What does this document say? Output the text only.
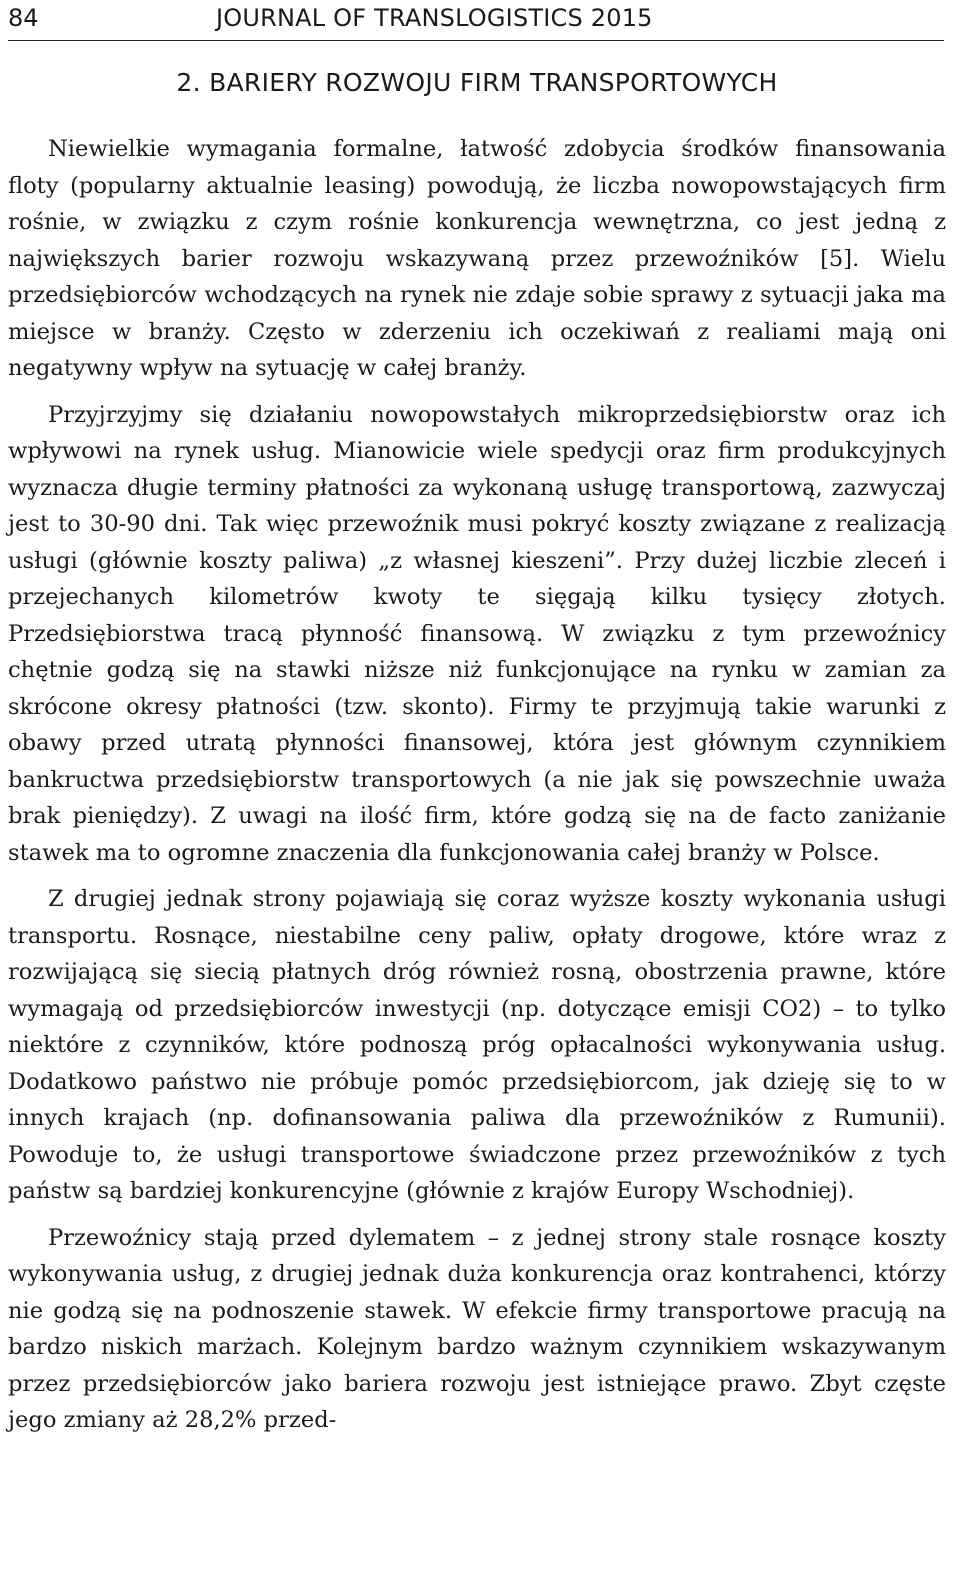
84	JOURNAL OF TRANSLOGISTICS 2015
2. BARIERY ROZWOJU FIRM TRANSPORTOWYCH

Niewielkie wymagania formalne, łatwość zdobycia środków finansowania floty (popularny aktualnie leasing) powodują, że liczba nowopowstających firm rośnie, w związku z czym rośnie konkurencja wewnętrzna, co jest jedną z największych barier rozwoju wskazywaną przez przewoźników [5]. Wielu przedsiębiorców wchodzących na rynek nie zdaje sobie sprawy z sytuacji jaka ma miejsce w branży. Często w zderzeniu ich oczekiwań z realiami mają oni negatywny wpływ na sytuację w całej branży.

Przyjrzyjmy się działaniu nowopowstałych mikroprzedsiębiorstw oraz ich wpływowi na rynek usług. Mianowicie wiele spedycji oraz firm produkcyjnych wyznacza długie terminy płatności za wykonaną usługę transportową, zazwyczaj jest to 30-90 dni. Tak więc przewoźnik musi pokryć koszty związane z realizacją usługi (głównie koszty paliwa) „z własnej kieszeni”. Przy dużej liczbie zleceń i przejechanych kilometrów kwoty te sięgają kilku tysięcy złotych. Przedsiębiorstwa tracą płynność finansową. W związku z tym przewoźnicy chętnie godzą się na stawki niższe niż funkcjonujące na rynku w zamian za skrócone okresy płatności (tzw. skonto). Firmy te przyjmują takie warunki z obawy przed utratą płynności finansowej, która jest głównym czynnikiem bankructwa przedsiębiorstw transportowych (a nie jak się powszechnie uważa brak pieniędzy). Z uwagi na ilość firm, które godzą się na de facto zaniżanie stawek ma to ogromne znaczenia dla funkcjonowania całej branży w Polsce.

Z drugiej jednak strony pojawiają się coraz wyższe koszty wykonania usługi transportu. Rosnące, niestabilne ceny paliw, opłaty drogowe, które wraz z rozwijającą się siecią płatnych dróg również rosną, obostrzenia prawne, które wymagają od przedsiębiorców inwestycji (np. dotyczące emisji CO2) – to tylko niektóre z czynników, które podnoszą próg opłacalności wykonywania usług. Dodatkowo państwo nie próbuje pomóc przedsiębiorcom, jak dzieję się to w innych krajach (np. dofinansowania paliwa dla przewoźników z Rumunii). Powoduje to, że usługi transportowe świadczone przez przewoźników z tych państw są bardziej konkurencyjne (głównie z krajów Europy Wschodniej).

Przewoźnicy stają przed dylematem – z jednej strony stale rosnące koszty wykonywania usług, z drugiej jednak duża konkurencja oraz kontrahenci, którzy nie godzą się na podnoszenie stawek. W efekcie firmy transportowe pracują na bardzo niskich marżach. Kolejnym bardzo ważnym czynnikiem wskazywanym przez przedsiębiorców jako bariera rozwoju jest istniejące prawo. Zbyt częste jego zmiany aż 28,2% przed-
